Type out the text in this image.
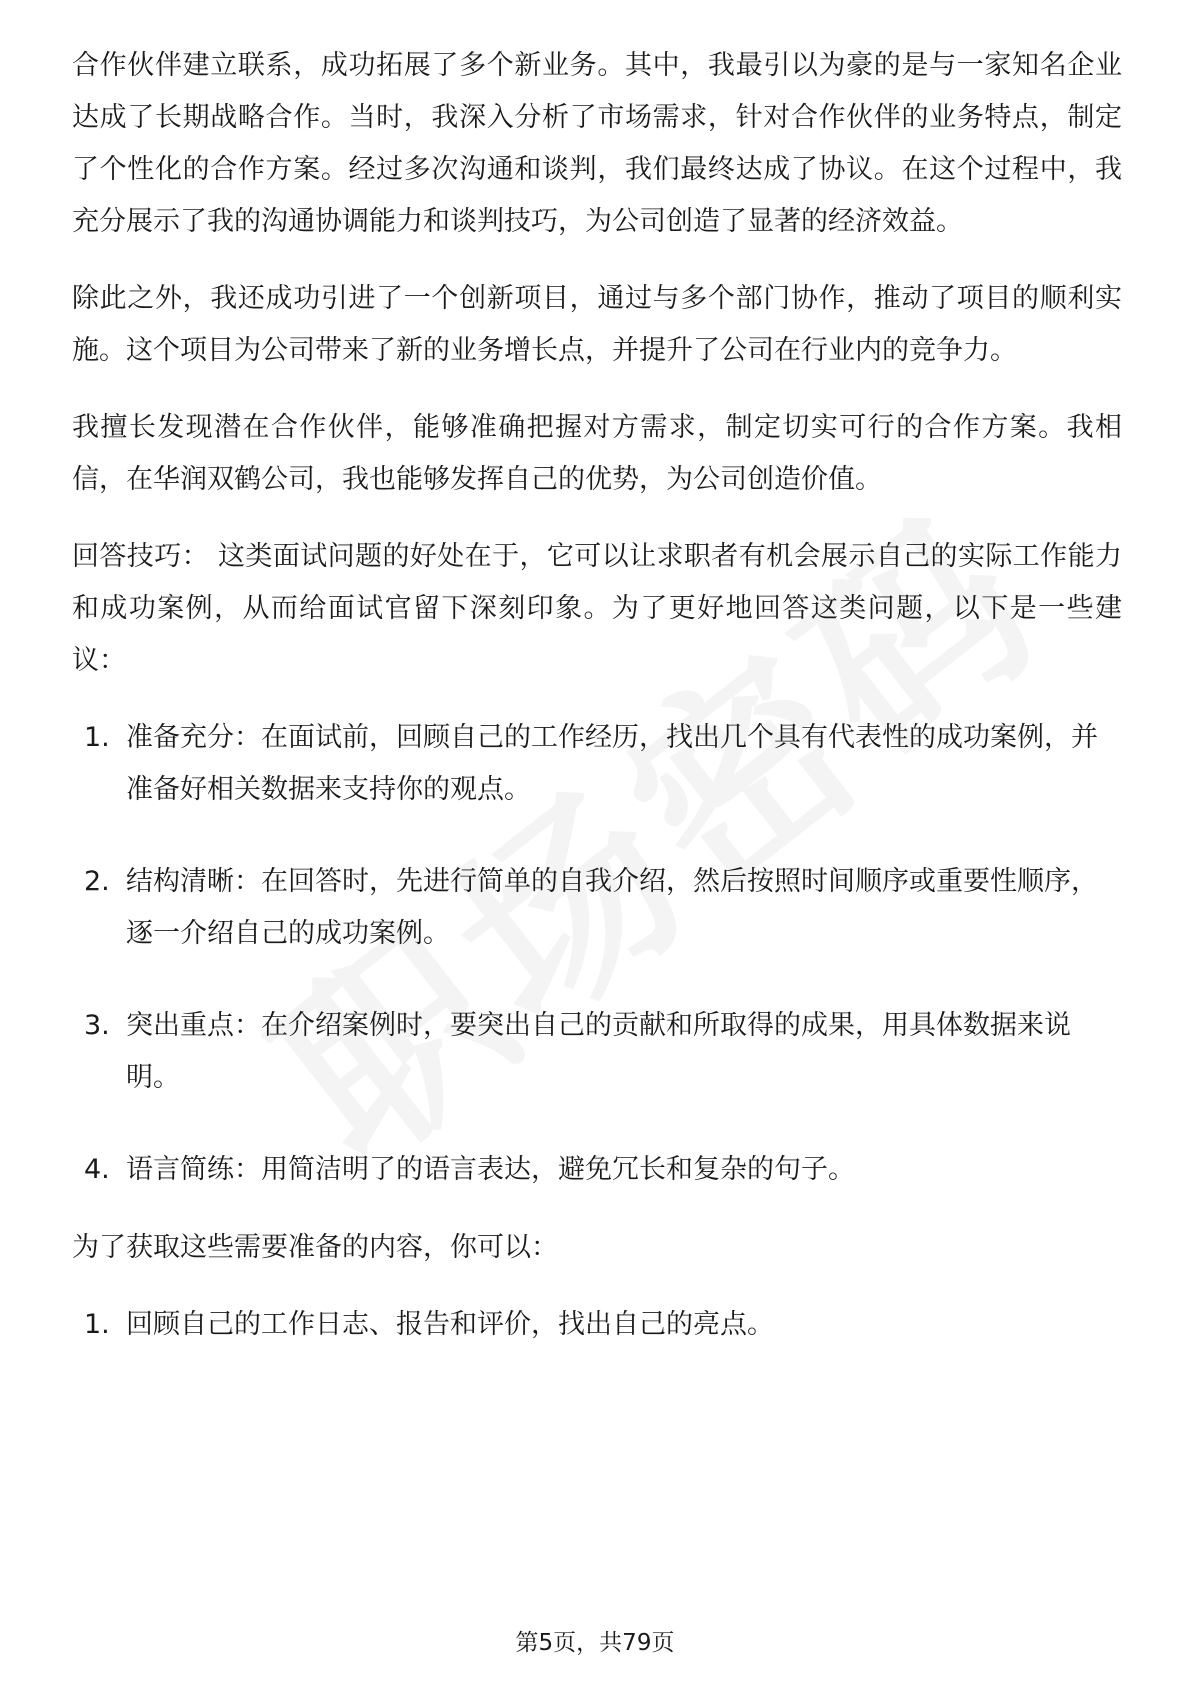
合作伙伴建立联系，成功拓展了多个新业务。其中，我最引以为豪的是与一家知名企业达成了长期战略合作。当时，我深入分析了市场需求，针对合作伙伴的业务特点，制定了个性化的合作方案。经过多次沟通和谈判，我们最终达成了协议。在这个过程中，我充分展示了我的沟通协调能力和谈判技巧，为公司创造了显著的经济效益。

除此之外，我还成功引进了一个创新项目，通过与多个部门协作，推动了项目的顺利实施。这个项目为公司带来了新的业务增长点，并提升了公司在行业内的竞争力。

我擅长发现潜在合作伙伴，能够准确把握对方需求，制定切实可行的合作方案。我相信，在华润双鹤公司，我也能够发挥自己的优势，为公司创造价值。

回答技巧： 这类面试问题的好处在于，它可以让求职者有机会展示自己的实际工作能力和成功案例，从而给面试官留下深刻印象。为了更好地回答这类问题，以下是一些建议：

1. 准备充分：在面试前，回顾自己的工作经历，找出几个具有代表性的成功案例，并准备好相关数据来支持你的观点。
2. 结构清晰：在回答时，先进行简单的自我介绍，然后按照时间顺序或重要性顺序，逐一介绍自己的成功案例。
3. 突出重点：在介绍案例时，要突出自己的贡献和所取得的成果，用具体数据来说明。
4. 语言简练：用简洁明了的语言表达，避免冗长和复杂的句子。

为了获取这些需要准备的内容，你可以：

1. 回顾自己的工作日志、报告和评价，找出自己的亮点。
第5页，共79页
